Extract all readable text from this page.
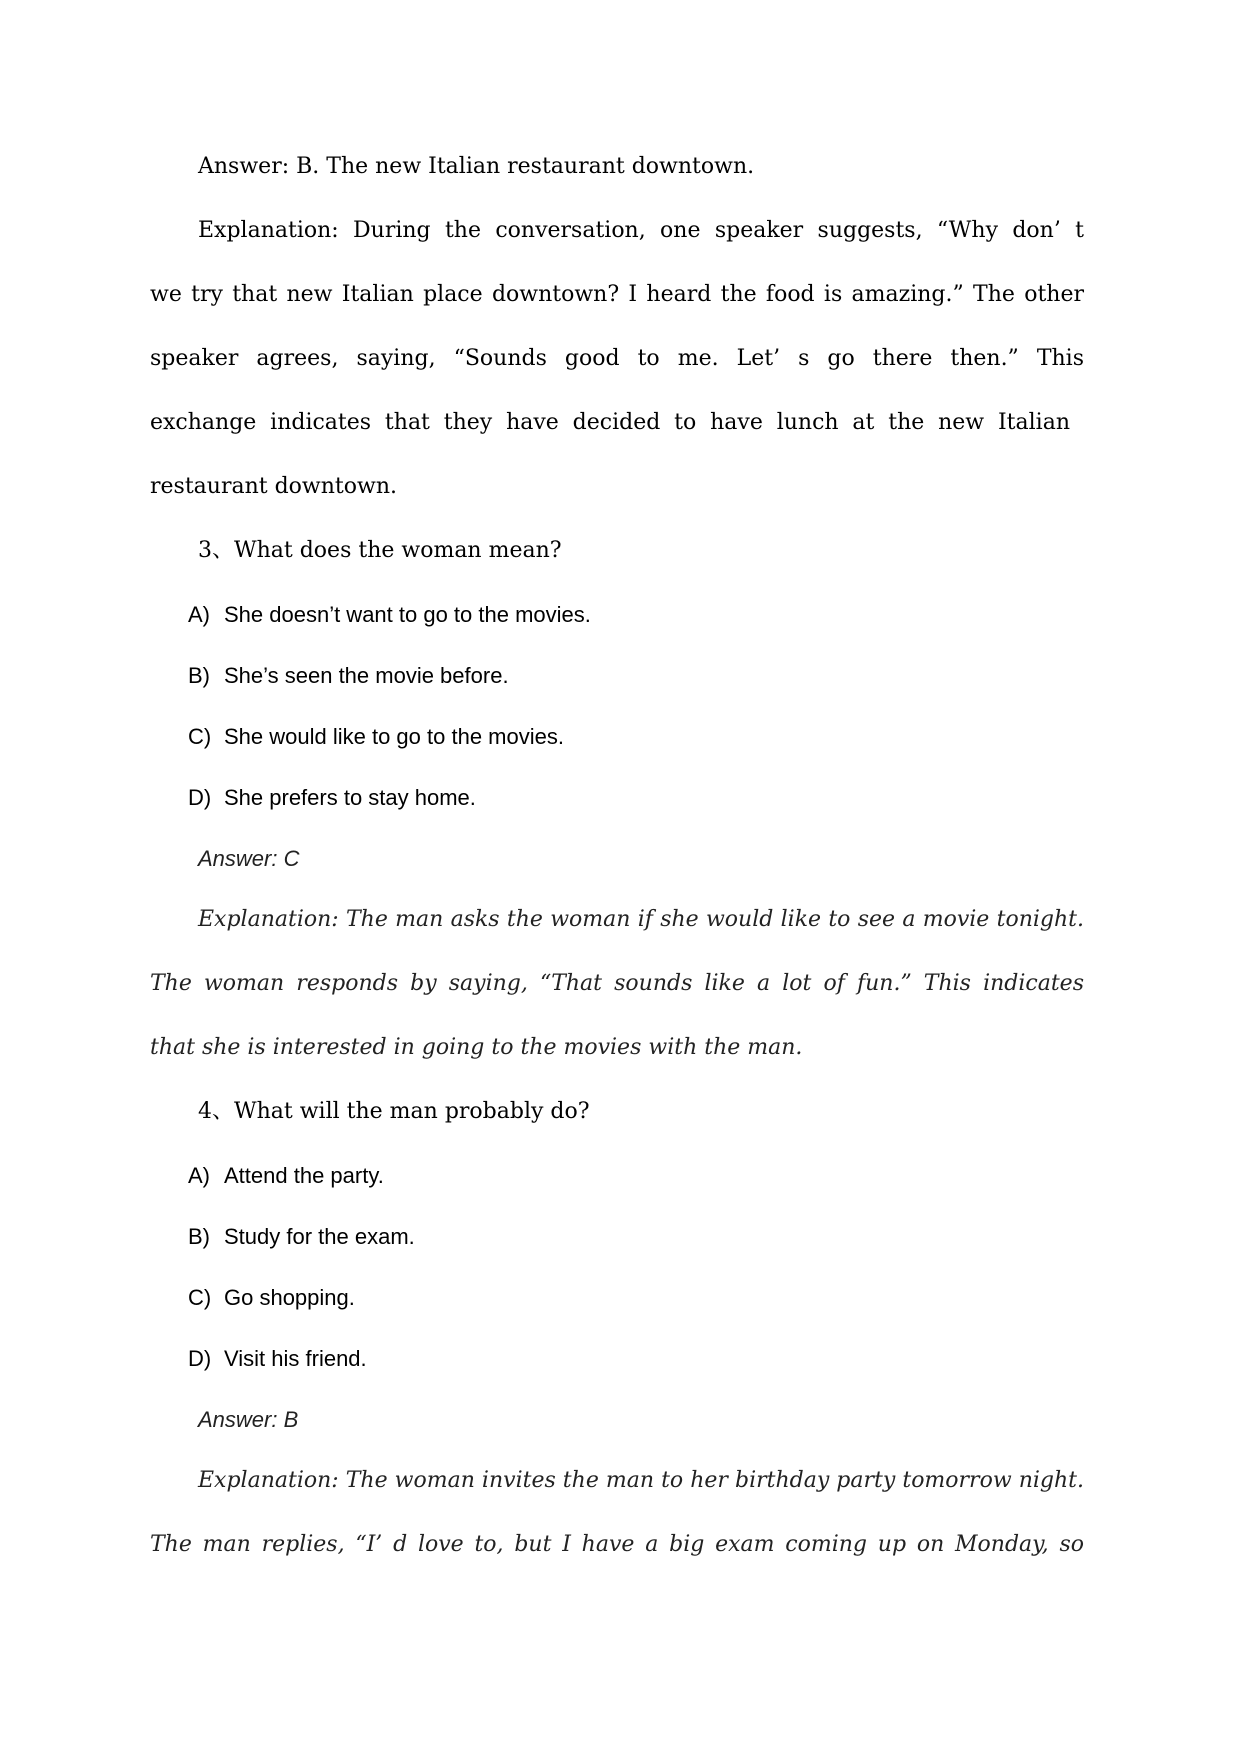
Answer: B. The new Italian restaurant downtown.
Explanation: During the conversation, one speaker suggests, “Why don’ t
we try that new Italian place downtown? I heard the food is amazing.” The other
speaker agrees, saying, “Sounds good to me. Let’ s go there then.” This
exchange indicates that they have decided to have lunch at the new Italian
restaurant downtown.
3、What does the woman mean?
A) She doesn’t want to go to the movies.
B) She’s seen the movie before.
C) She would like to go to the movies.
D) She prefers to stay home.
Answer: C
Explanation: The man asks the woman if she would like to see a movie tonight.
The woman responds by saying, “That sounds like a lot of fun.” This indicates
that she is interested in going to the movies with the man.
4、What will the man probably do?
A) Attend the party.
B) Study for the exam.
C) Go shopping.
D) Visit his friend.
Answer: B
Explanation: The woman invites the man to her birthday party tomorrow night.
The man replies, “I’ d love to, but I have a big exam coming up on Monday, so
